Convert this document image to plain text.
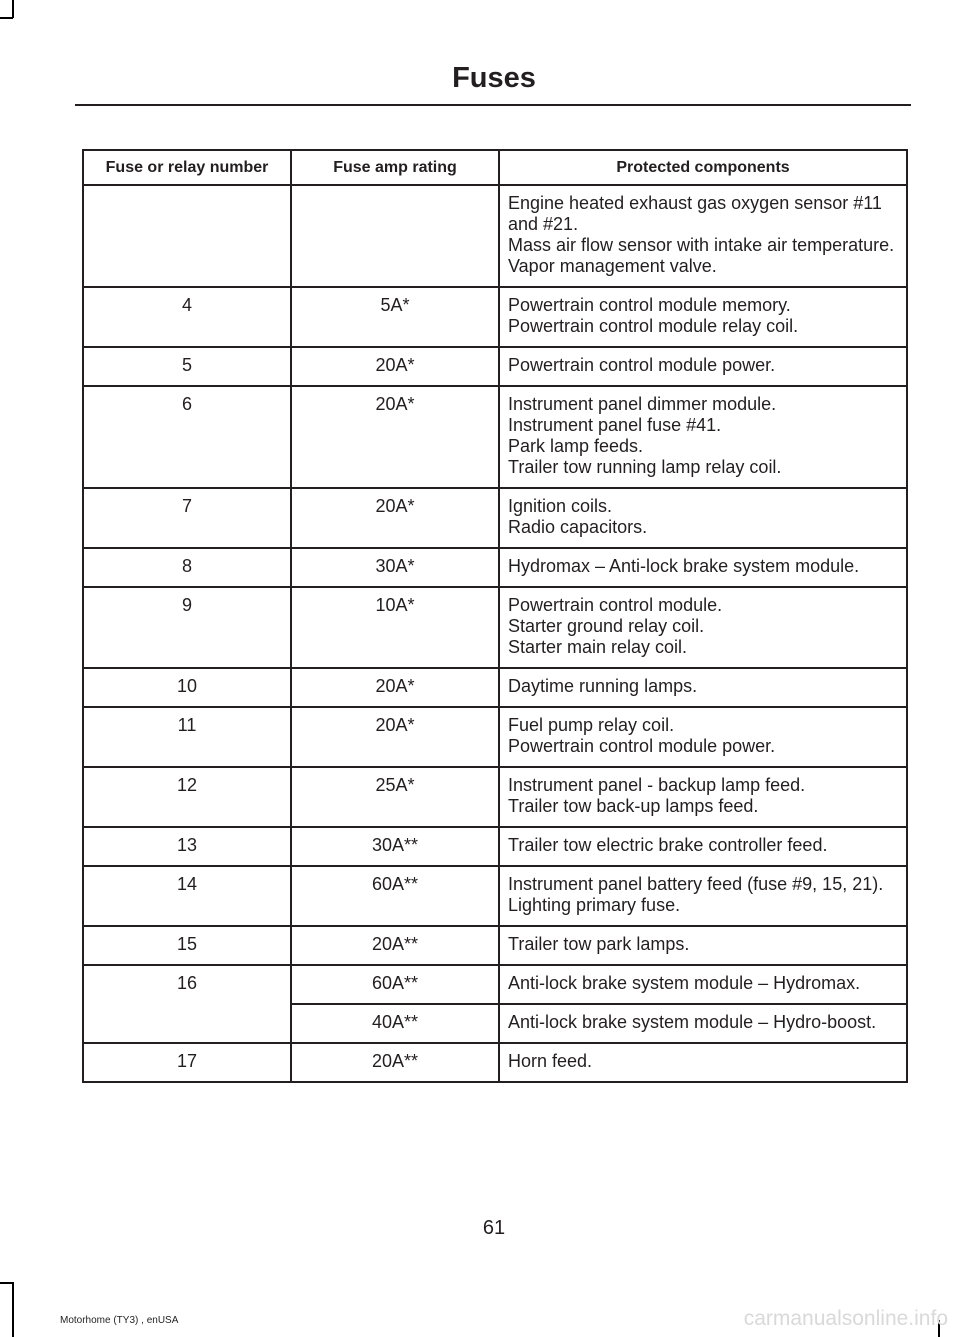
Fuses
Fuse or relay number	Fuse amp rating	Protected components

		Engine heated exhaust gas oxygen sensor #11 and #21.
Mass air flow sensor with intake air temperature.
Vapor management valve.

4	5A*	Powertrain control module memory.
Powertrain control module relay coil.

5	20A*	Powertrain control module power.

6	20A*	Instrument panel dimmer module.
Instrument panel fuse #41.
Park lamp feeds.
Trailer tow running lamp relay coil.

7	20A*	Ignition coils.
Radio capacitors.

8	30A*	Hydromax – Anti-lock brake system module.

9	10A*	Powertrain control module.
Starter ground relay coil.
Starter main relay coil.

10	20A*	Daytime running lamps.

11	20A*	Fuel pump relay coil.
Powertrain control module power.

12	25A*	Instrument panel - backup lamp feed.
Trailer tow back-up lamps feed.

13	30A**	Trailer tow electric brake controller feed.

14	60A**	Instrument panel battery feed (fuse #9, 15, 21).
Lighting primary fuse.

15	20A**	Trailer tow park lamps.

16	60A**	Anti-lock brake system module – Hydromax.

	40A**	Anti-lock brake system module – Hydro-boost.

17	20A**	Horn feed.
61
Motorhome (TY3) , enUSA	carmanualsonline.info
